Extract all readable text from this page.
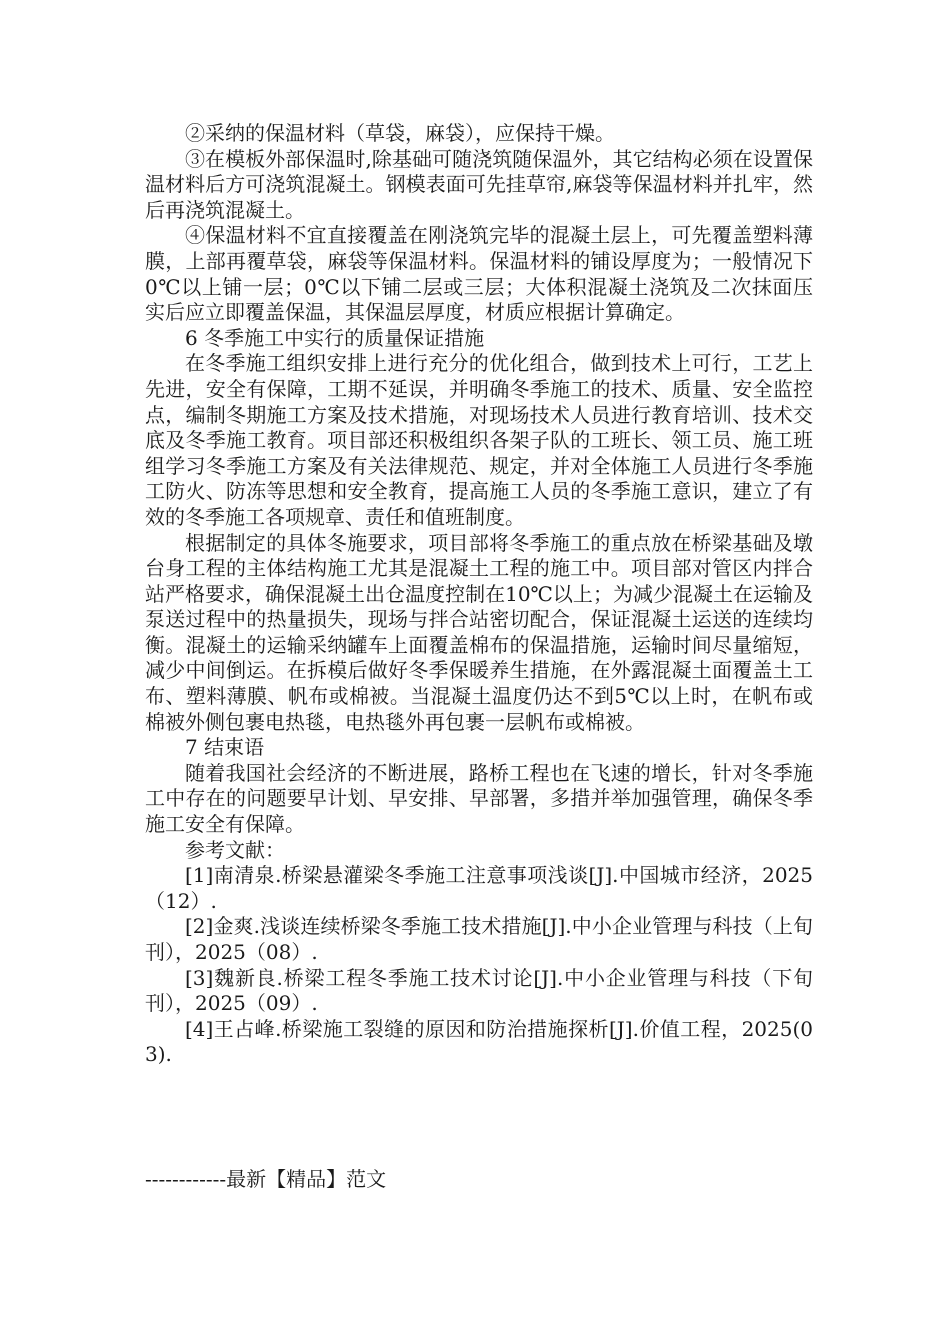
②采纳的保温材料（草袋，麻袋），应保持干燥。

③在模板外部保温时,除基础可随浇筑随保温外，其它结构必须在设置保温材料后方可浇筑混凝土。钢模表面可先挂草帘,麻袋等保温材料并扎牢，然后再浇筑混凝土。

④保温材料不宜直接覆盖在刚浇筑完毕的混凝土层上，可先覆盖塑料薄膜，上部再覆草袋，麻袋等保温材料。保温材料的铺设厚度为；一般情况下0℃以上铺一层；0℃以下铺二层或三层；大体积混凝土浇筑及二次抹面压实后应立即覆盖保温，其保温层厚度，材质应根据计算确定。

6 冬季施工中实行的质量保证措施

在冬季施工组织安排上进行充分的优化组合，做到技术上可行，工艺上先进，安全有保障，工期不延误，并明确冬季施工的技术、质量、安全监控点，编制冬期施工方案及技术措施，对现场技术人员进行教育培训、技术交底及冬季施工教育。项目部还积极组织各架子队的工班长、领工员、施工班组学习冬季施工方案及有关法律规范、规定，并对全体施工人员进行冬季施工防火、防冻等思想和安全教育，提高施工人员的冬季施工意识，建立了有效的冬季施工各项规章、责任和值班制度。

根据制定的具体冬施要求，项目部将冬季施工的重点放在桥梁基础及墩台身工程的主体结构施工尤其是混凝土工程的施工中。项目部对管区内拌合站严格要求，确保混凝土出仓温度控制在10℃以上；为减少混凝土在运输及泵送过程中的热量损失，现场与拌合站密切配合，保证混凝土运送的连续均衡。混凝土的运输采纳罐车上面覆盖棉布的保温措施，运输时间尽量缩短，减少中间倒运。在拆模后做好冬季保暖养生措施，在外露混凝土面覆盖土工布、塑料薄膜、帆布或棉被。当混凝土温度仍达不到5℃以上时，在帆布或棉被外侧包裹电热毯，电热毯外再包裹一层帆布或棉被。

7 结束语

随着我国社会经济的不断进展，路桥工程也在飞速的增长，针对冬季施工中存在的问题要早计划、早安排、早部署，多措并举加强管理，确保冬季施工安全有保障。

参考文献：

[1]南清泉.桥梁悬灌梁冬季施工注意事项浅谈[J].中国城市经济，2025（12）.

[2]金爽.浅谈连续桥梁冬季施工技术措施[J].中小企业管理与科技（上旬刊），2025（08）.

[3]魏新良.桥梁工程冬季施工技术讨论[J].中小企业管理与科技（下旬刊），2025（09）.

[4]王占峰.桥梁施工裂缝的原因和防治措施探析[J].价值工程，2025(03).

------------最新【精品】范文
